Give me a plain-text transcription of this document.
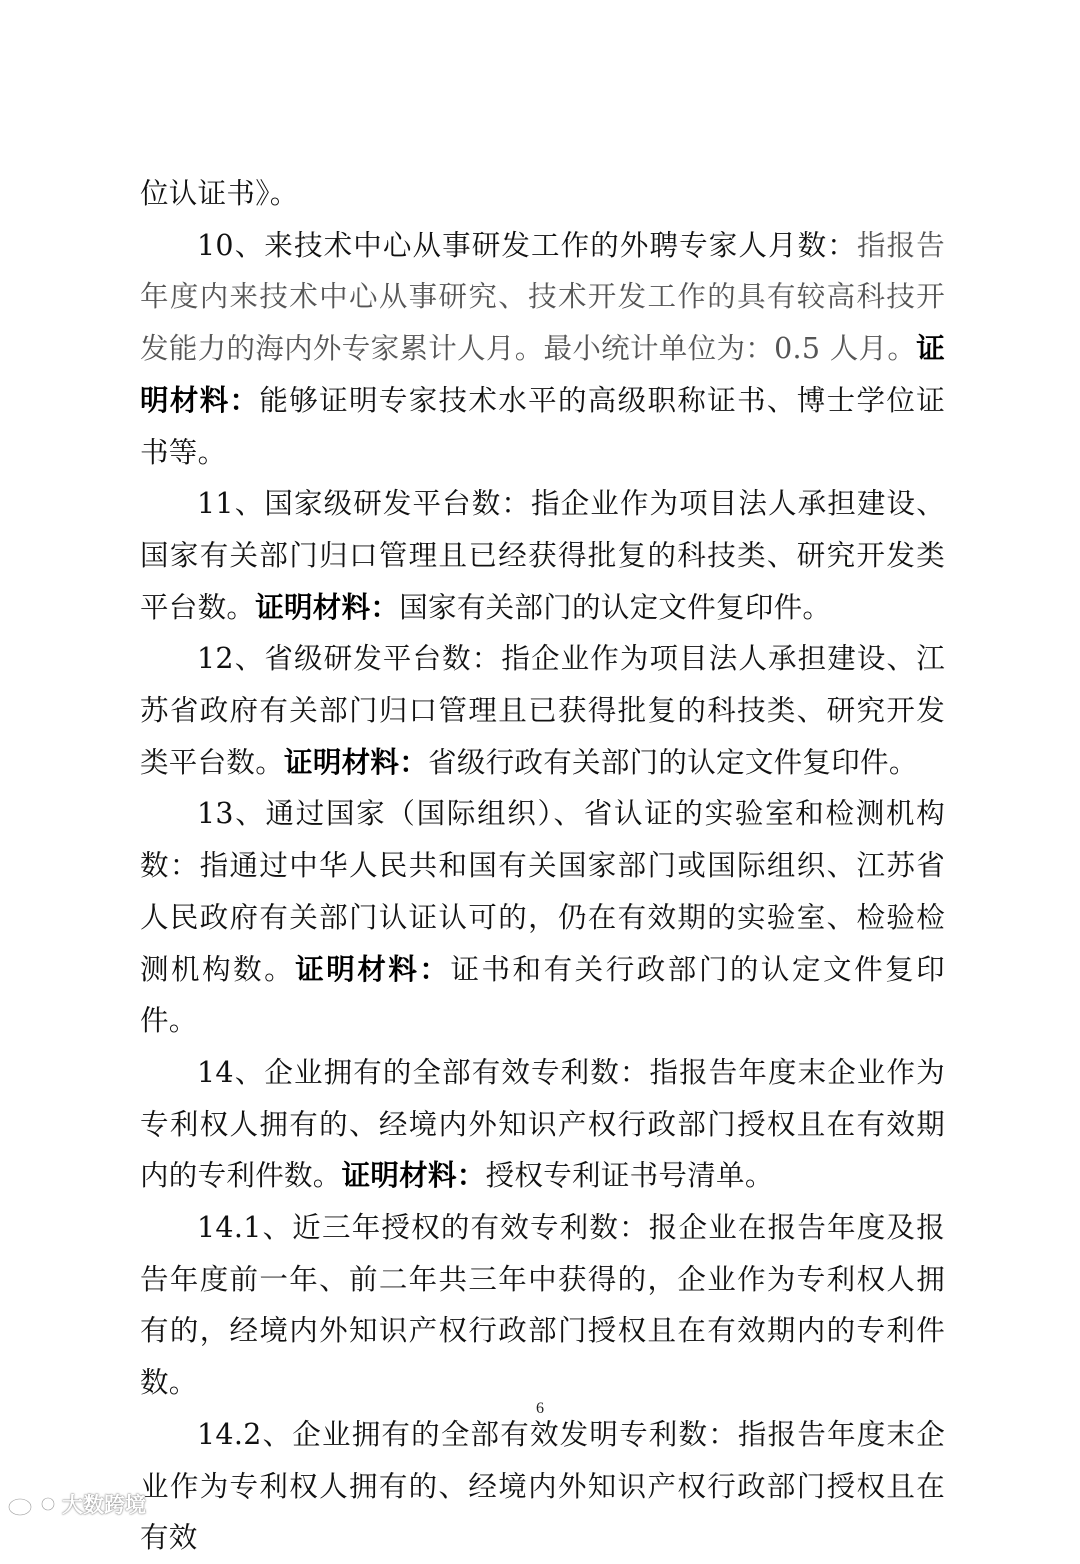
位认证书》。

10、来技术中心从事研发工作的外聘专家人月数：指报告年度内来技术中心从事研究、技术开发工作的具有较高科技开发能力的海内外专家累计人月。最小统计单位为：0.5 人月。证明材料：能够证明专家技术水平的高级职称证书、博士学位证书等。

11、国家级研发平台数：指企业作为项目法人承担建设、国家有关部门归口管理且已经获得批复的科技类、研究开发类平台数。证明材料：国家有关部门的认定文件复印件。

12、省级研发平台数：指企业作为项目法人承担建设、江苏省政府有关部门归口管理且已获得批复的科技类、研究开发类平台数。证明材料：省级行政有关部门的认定文件复印件。

13、通过国家（国际组织）、省认证的实验室和检测机构数：指通过中华人民共和国有关国家部门或国际组织、江苏省人民政府有关部门认证认可的，仍在有效期的实验室、检验检测机构数。证明材料：证书和有关行政部门的认定文件复印件。

14、企业拥有的全部有效专利数：指报告年度末企业作为专利权人拥有的、经境内外知识产权行政部门授权且在有效期内的专利件数。证明材料：授权专利证书号清单。

14.1、近三年授权的有效专利数：报企业在报告年度及报告年度前一年、前二年共三年中获得的，企业作为专利权人拥有的，经境内外知识产权行政部门授权且在有效期内的专利件数。

14.2、企业拥有的全部有效发明专利数：指报告年度末企业作为专利权人拥有的、经境内外知识产权行政部门授权且在有效

6
大数跨境
